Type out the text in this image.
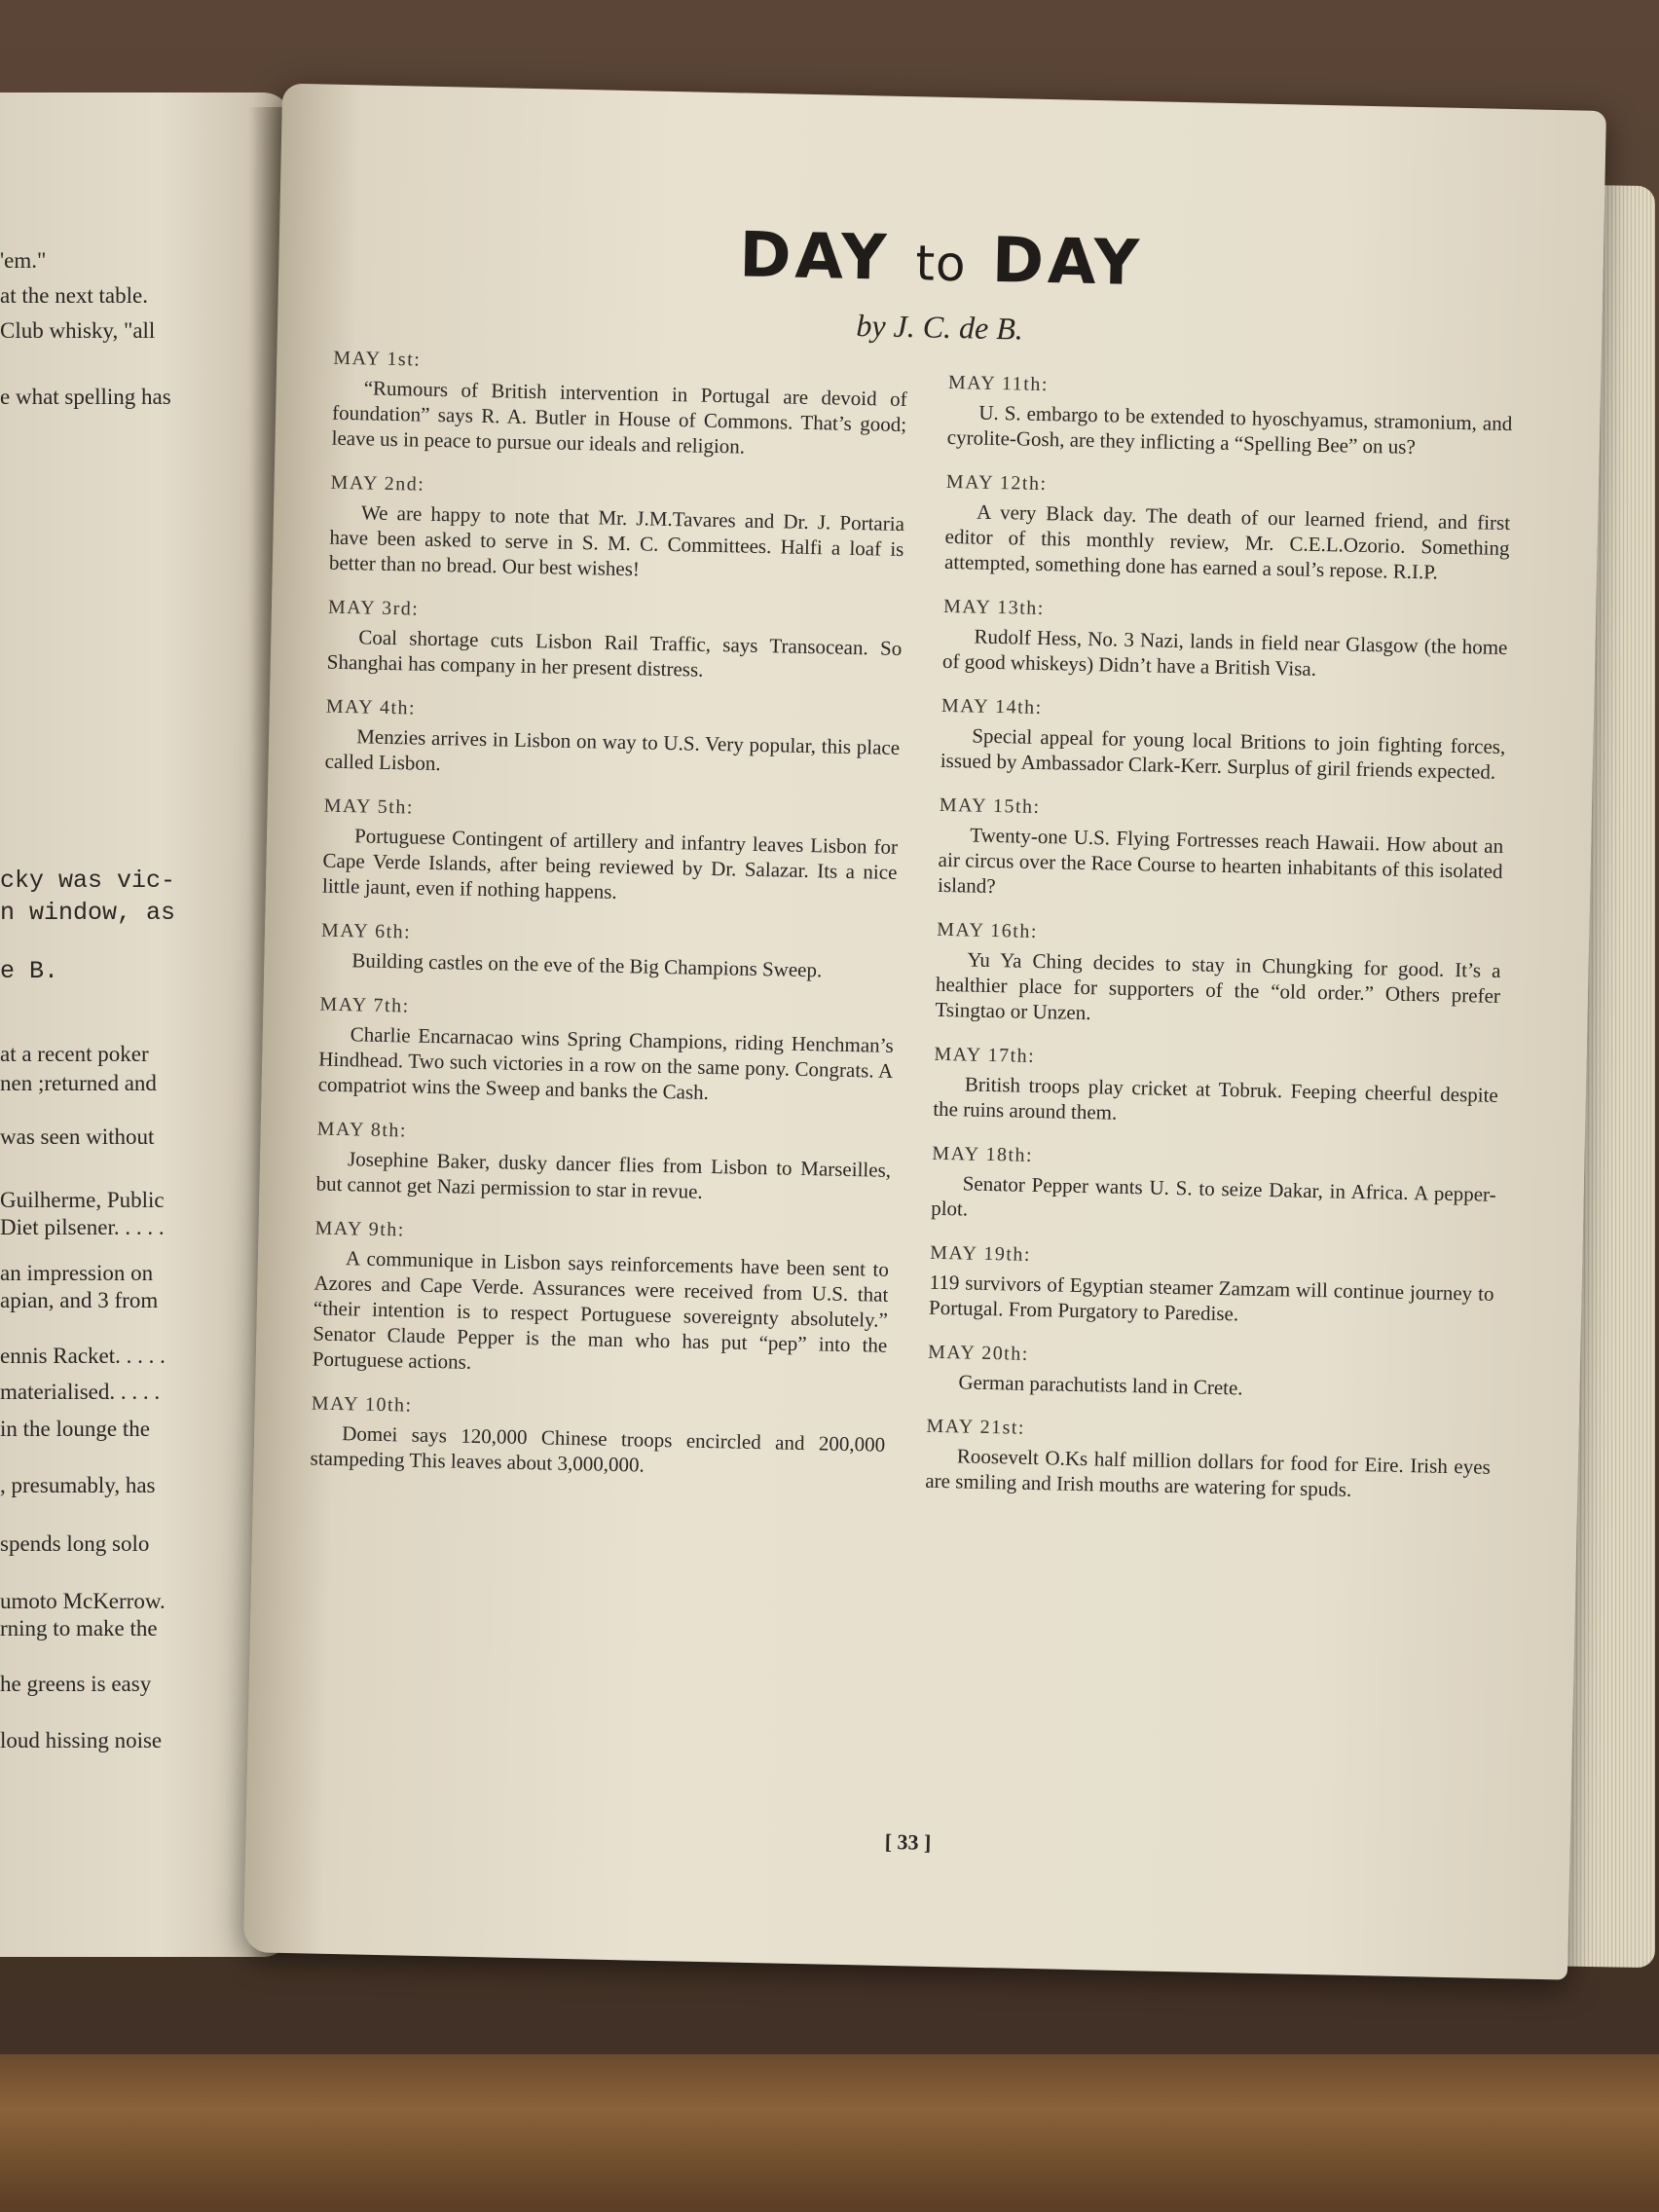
'em."
at the next table.
Club whisky, "all
e what spelling has
cky was vic-
n window, as
e B.
at a recent poker
nen ;returned and
was seen without
Guilherme, Public
Diet pilsener. . . . .
an impression on
apian, and 3 from
ennis Racket. . . . .
materialised. . . . .
in the lounge the
, presumably, has
spends long solo
umoto McKerrow.
rning to make the
he greens is easy
loud hissing noise
DAY to DAY
by J. C. de B.
MAY 1st:
“Rumours of British intervention in Portugal are devoid of foundation” says R. A. Butler in House of Commons. That’s good; leave us in peace to pursue our ideals and religion.
MAY 2nd:
We are happy to note that Mr. J.M.Tavares and Dr. J. Portaria have been asked to serve in S. M. C. Committees. Halfi a loaf is better than no bread. Our best wishes!
MAY 3rd:
Coal shortage cuts Lisbon Rail Traffic, says Transocean. So Shanghai has company in her present distress.
MAY 4th:
Menzies arrives in Lisbon on way to U.S. Very popular, this place called Lisbon.
MAY 5th:
Portuguese Contingent of artillery and infantry leaves Lisbon for Cape Verde Islands, after being reviewed by Dr. Salazar. Its a nice little jaunt, even if nothing happens.
MAY 6th:
Building castles on the eve of the Big Champions Sweep.
MAY 7th:
Charlie Encarnacao wins Spring Champions, riding Henchman’s Hindhead. Two such victories in a row on the same pony. Congrats. A compatriot wins the Sweep and banks the Cash.
MAY 8th:
Josephine Baker, dusky dancer flies from Lisbon to Marseilles, but cannot get Nazi permission to star in revue.
MAY 9th:
A communique in Lisbon says reinforcements have been sent to Azores and Cape Verde. Assurances were received from U.S. that “their intention is to respect Portuguese sovereignty absolutely.” Senator Claude Pepper is the man who has put “pep” into the Portuguese actions.
MAY 10th:
Domei says 120,000 Chinese troops encircled and 200,000 stampeding This leaves about 3,000,000.
MAY 11th:
U. S. embargo to be extended to hyoschyamus, stramonium, and cyrolite-Gosh, are they inflicting a “Spelling Bee” on us?
MAY 12th:
A very Black day. The death of our learned friend, and first editor of this monthly review, Mr. C.E.L.Ozorio. Something attempted, something done has earned a soul’s repose. R.I.P.
MAY 13th:
Rudolf Hess, No. 3 Nazi, lands in field near Glasgow (the home of good whiskeys) Didn’t have a British Visa.
MAY 14th:
Special appeal for young local Britions to join fighting forces, issued by Ambassador Clark-Kerr. Surplus of giril friends expected.
MAY 15th:
Twenty-one U.S. Flying Fortresses reach Hawaii. How about an air circus over the Race Course to hearten inhabitants of this isolated island?
MAY 16th:
Yu Ya Ching decides to stay in Chungking for good. It’s a healthier place for supporters of the “old order.” Others prefer Tsingtao or Unzen.
MAY 17th:
British troops play cricket at Tobruk. Feeping cheerful despite the ruins around them.
MAY 18th:
Senator Pepper wants U. S. to seize Dakar, in Africa. A pepper-plot.
MAY 19th:
119 survivors of Egyptian steamer Zamzam will continue journey to Portugal. From Purgatory to Paredise.
MAY 20th:
German parachutists land in Crete.
MAY 21st:
Roosevelt O.Ks half million dollars for food for Eire. Irish eyes are smiling and Irish mouths are watering for spuds.
[ 33 ]
